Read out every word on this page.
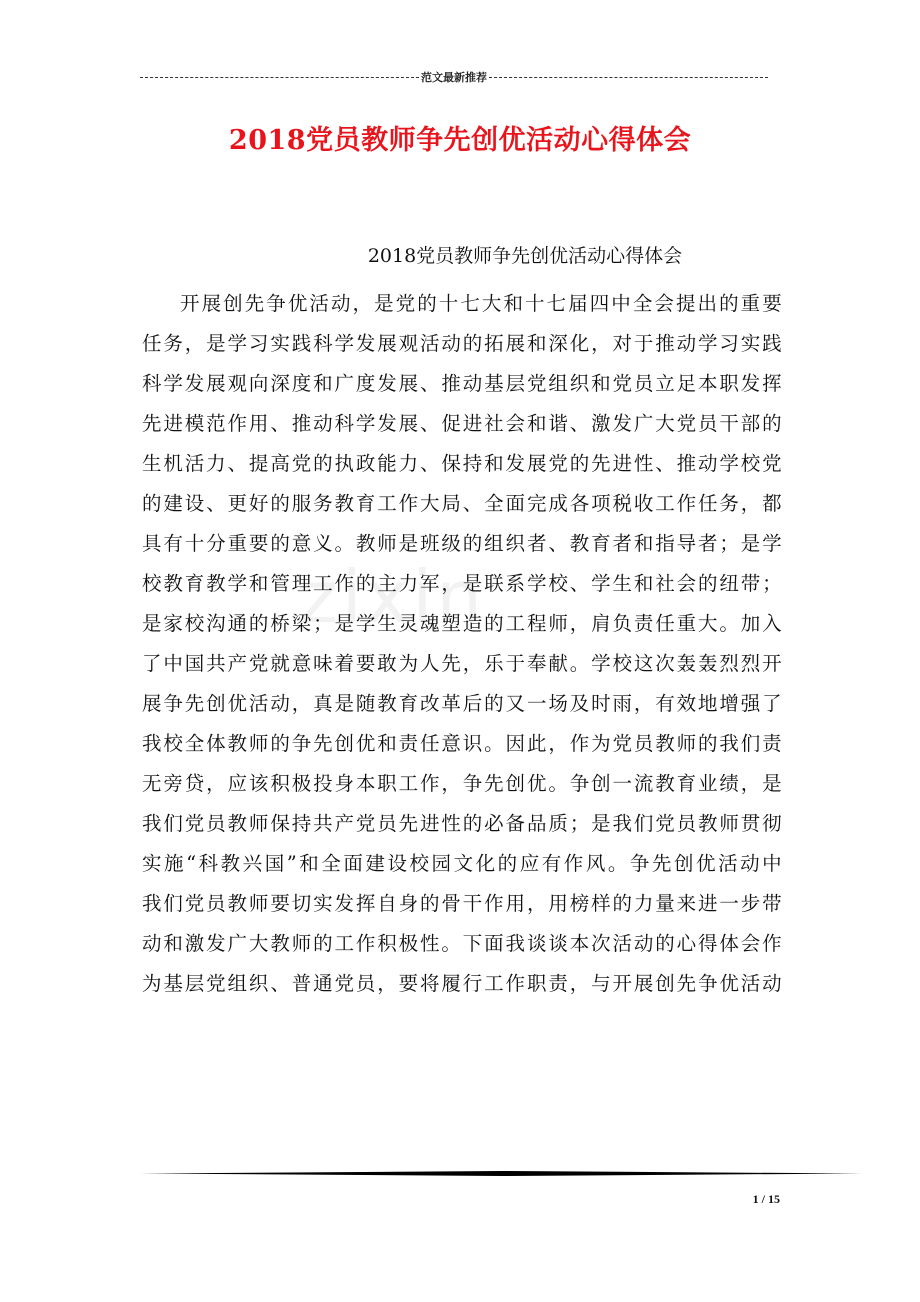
范文最新推荐
2018党员教师争先创优活动心得体会
2018党员教师争先创优活动心得体会
zixin
开展创先争优活动，是党的十七大和十七届四中全会提出的重要
任务，是学习实践科学发展观活动的拓展和深化，对于推动学习实践
科学发展观向深度和广度发展、推动基层党组织和党员立足本职发挥
先进模范作用、推动科学发展、促进社会和谐、激发广大党员干部的
生机活力、提高党的执政能力、保持和发展党的先进性、推动学校党
的建设、更好的服务教育工作大局、全面完成各项税收工作任务，都
具有十分重要的意义。教师是班级的组织者、教育者和指导者；是学
校教育教学和管理工作的主力军，是联系学校、学生和社会的纽带；
是家校沟通的桥梁；是学生灵魂塑造的工程师，肩负责任重大。加入
了中国共产党就意味着要敢为人先，乐于奉献。学校这次轰轰烈烈开
展争先创优活动，真是随教育改革后的又一场及时雨，有效地增强了
我校全体教师的争先创优和责任意识。因此，作为党员教师的我们责
无旁贷，应该积极投身本职工作，争先创优。争创一流教育业绩，是
我们党员教师保持共产党员先进性的必备品质；是我们党员教师贯彻
实施“科教兴国”和全面建设校园文化的应有作风。争先创优活动中
我们党员教师要切实发挥自身的骨干作用，用榜样的力量来进一步带
动和激发广大教师的工作积极性。下面我谈谈本次活动的心得体会作
为基层党组织、普通党员，要将履行工作职责，与开展创先争优活动
1 / 15
